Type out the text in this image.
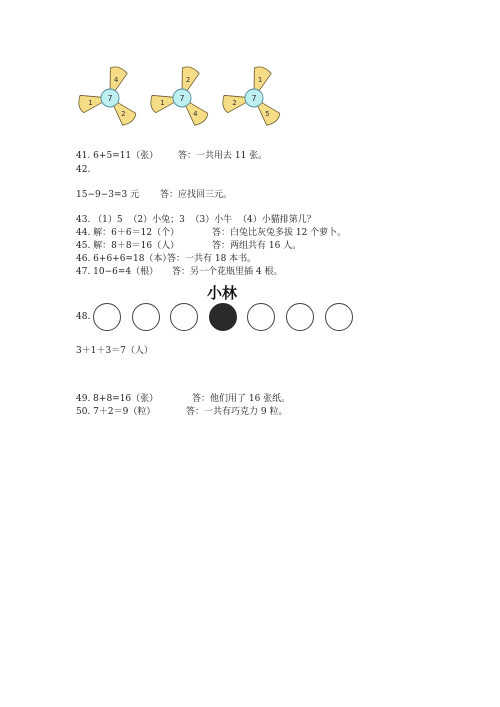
4
1
2
7
2
1
4
7
1
2
5
7
41. 6+5=11（张） 答：一共用去 11 张。
42.
15−9−3=3 元 答：应找回三元。
43. （1）5  （2）小兔；3  （3）小牛  （4）小猫排第几？
44. 解：6＋6＝12（个）	答：白兔比灰兔多拔 12 个萝卜。
45. 解：8＋8＝16（人）	答：两组共有 16 人。
46. 6+6+6=18（本）
答：一共有 18 本书。
47. 10−6=4（根） 答：另一个花瓶里插 4 根。
小林
48.
3＋1＋3＝7（人）
49. 8+8=16（张）	答：他们用了 16 张纸。
50. 7＋2＝9（粒）	答：一共有巧克力 9 粒。
